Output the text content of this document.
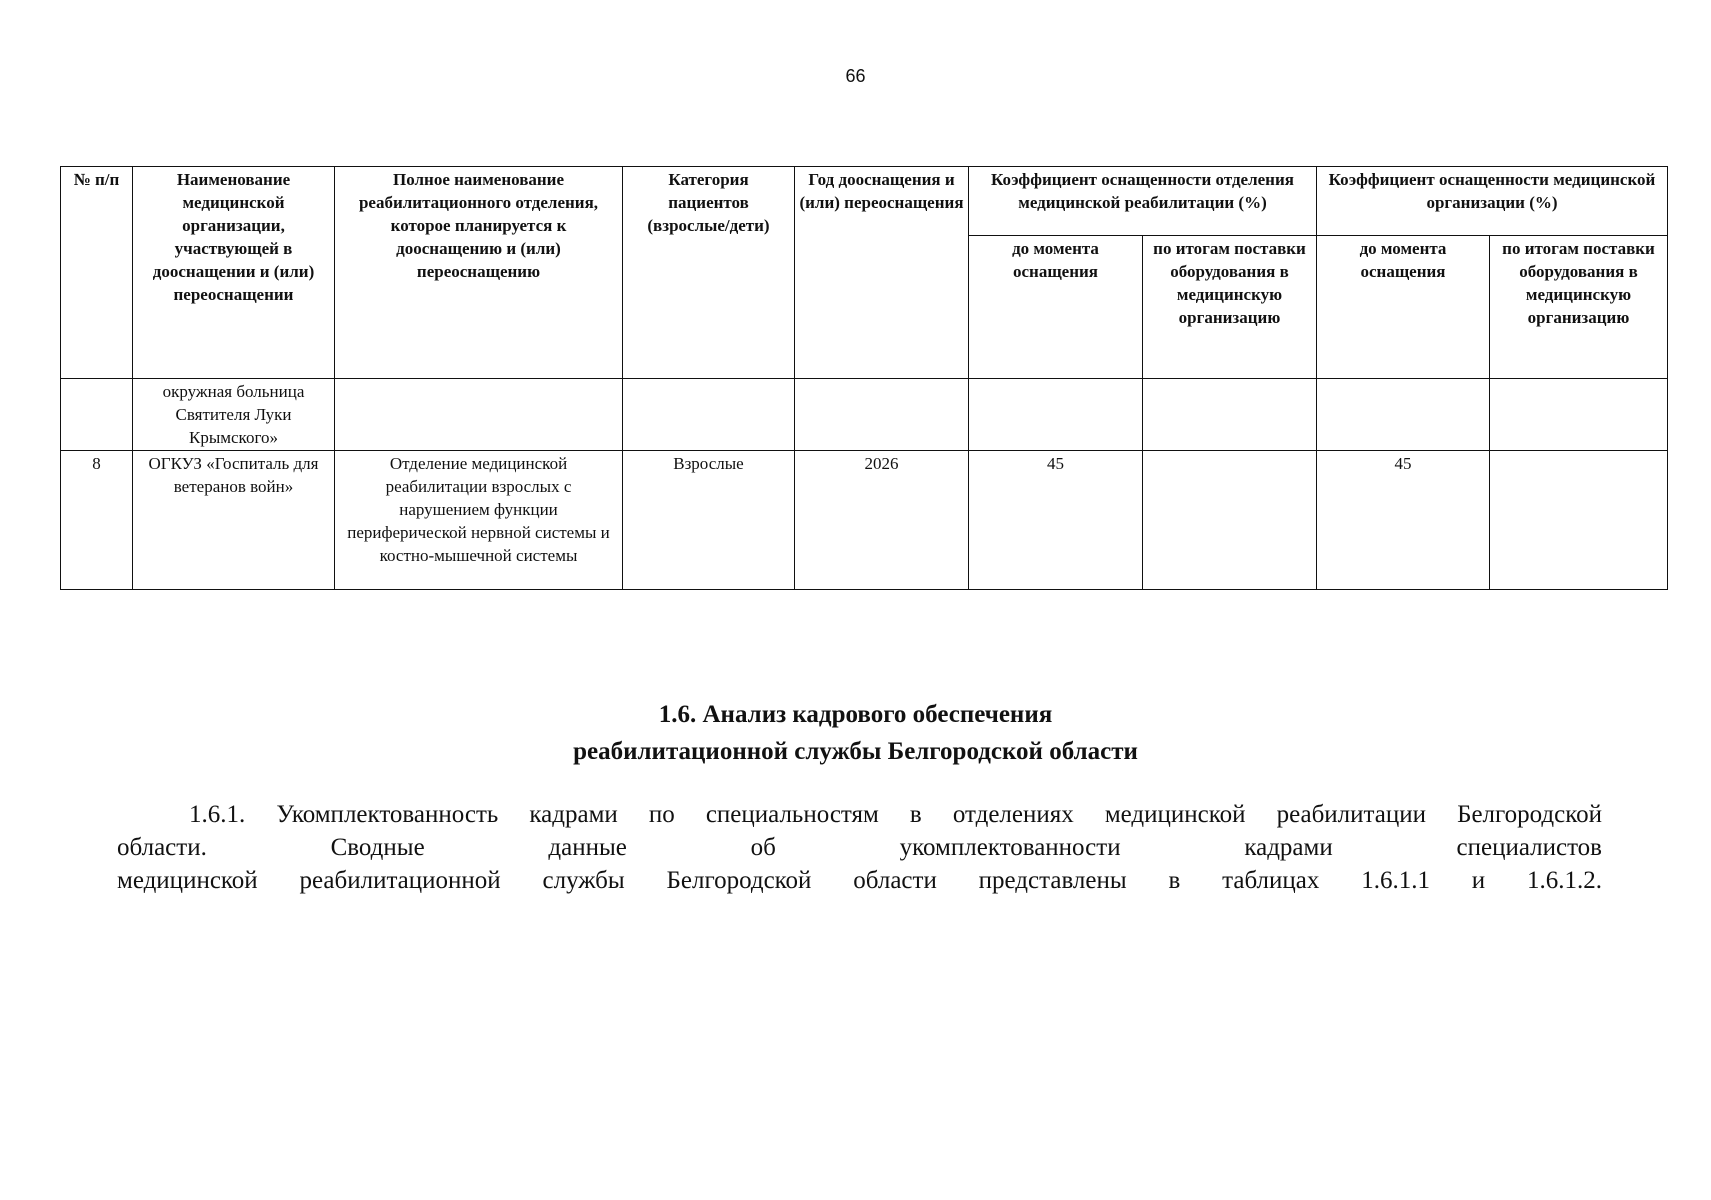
66
№ п/п	Наименование медицинской организации, участвующей в дооснащении и (или) переоснащении	Полное наименование реабилитационного отделения, которое планируется к дооснащению и (или) переоснащению	Категория пациентов (взрослые/дети)	Год дооснащения и (или) переоснащения	Коэффициент оснащенности отделения медицинской реабилитации (%)		Коэффициент оснащенности медицинской организации (%)	
					до момента оснащения	по итогам поставки оборудования в медицинскую организацию	до момента оснащения	по итогам поставки оборудования в медицинскую организацию
	окружная больница Святителя Луки Крымского»							
8	ОГКУЗ «Госпиталь для ветеранов войн»	Отделение медицинской реабилитации взрослых с нарушением функции периферической нервной системы и костно-мышечной системы	Взрослые	2026	45		45	
1.6. Анализ кадрового обеспечения
реабилитационной службы Белгородской области
1.6.1. Укомплектованность кадрами по специальностям в отделениях медицинской реабилитации Белгородской
области. Сводные данные об укомплектованности кадрами специалистов
медицинской реабилитационной службы Белгородской области представлены в таблицах 1.6.1.1 и 1.6.1.2.
